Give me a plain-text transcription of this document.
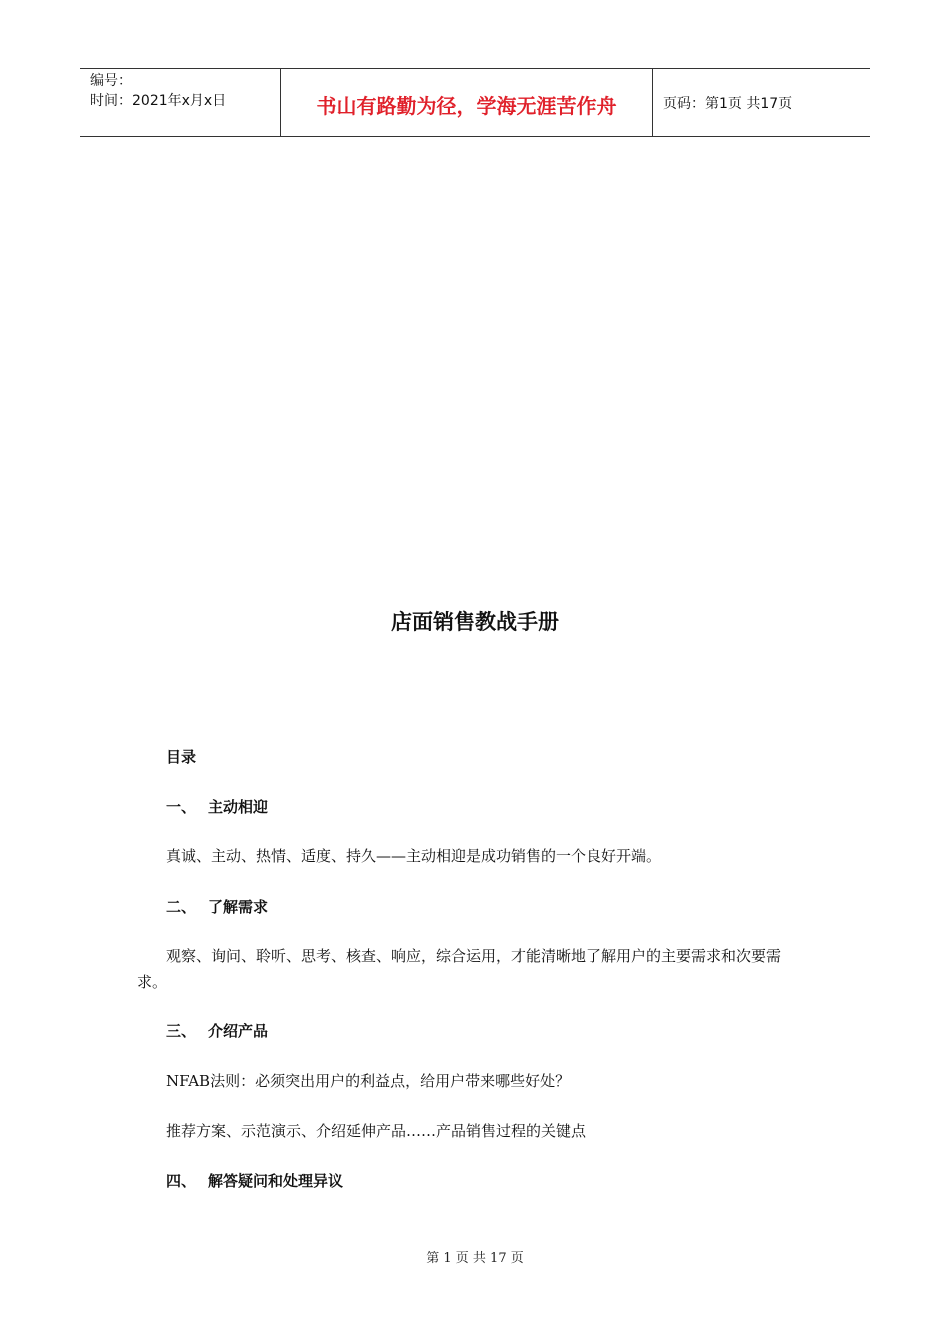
编号：
时间：2021年x月x日	书山有路勤为径，学海无涯苦作舟	页码：第1页 共17页
店面销售教战手册
目录
一、 主动相迎
真诚、主动、热情、适度、持久——主动相迎是成功销售的一个良好开端。
二、 了解需求
观察、询问、聆听、思考、核查、响应，综合运用，才能清晰地了解用户的主要需求和次要需求。
三、 介绍产品
NFAB法则：必须突出用户的利益点，给用户带来哪些好处？
推荐方案、示范演示、介绍延伸产品……产品销售过程的关键点
四、 解答疑问和处理异议
第 1 页 共 17 页
